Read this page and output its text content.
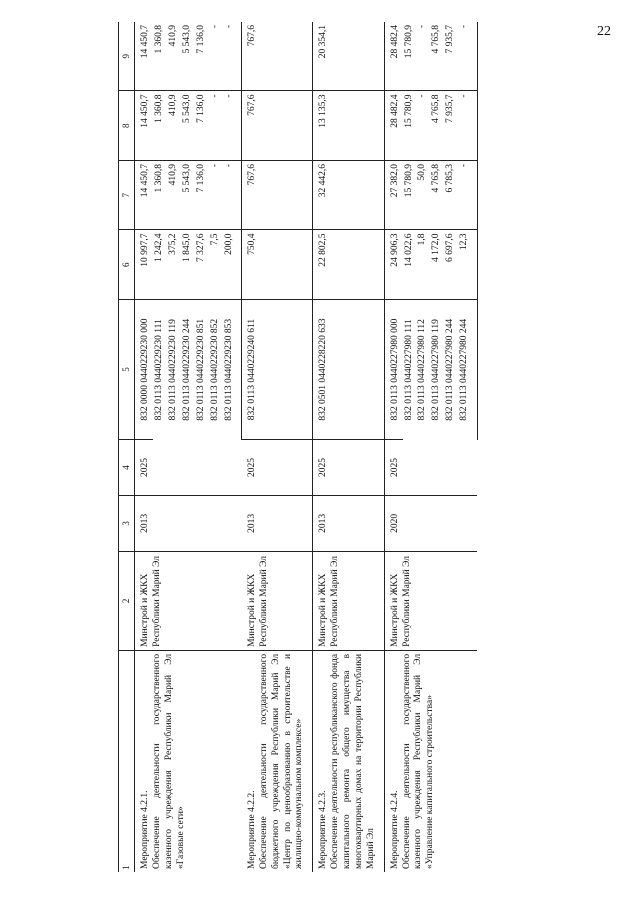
22
1	2	3	4	5	6	7	8	9

Мероприятие 4.2.1. Обеспечение деятельности государственного казенного учреждения Республики Марий Эл «Газовые сети»	Минстрой и ЖКХ Республики Марий Эл	2013	2025	832 0000 0440229230 000	10 997,7	14 450,7	14 450,7	14 450,7
				832 0113 0440229230 111	1 242,4	1 360,8	1 360,8	1 360,8
				832 0113 0440229230 119	375,2	410,9	410,9	410,9
				832 0113 0440229230 244	1 845,0	5 543,0	5 543,0	5 543,0
				832 0113 0440229230 851	7 327,6	7 136,0	7 136,0	7 136,0
				832 0113 0440229230 852	7,5	-	-	-
				832 0113 0440229230 853	200,0	-	-	-

Мероприятие 4.2.2. Обеспечение деятельности государственного бюджетного учреждения Республики Марий Эл «Центр по ценообразованию в строительстве и жилищно-коммунальном комплексе»	Минстрой и ЖКХ Республики Марий Эл	2013	2025	832 0113 0440229240 611	750,4	767,6	767,6	767,6

Мероприятие 4.2.3. Обеспечение деятельности республиканского фонда капитального ремонта общего имущества в многоквартирных домах на территории Республики Марий Эл	Минстрой и ЖКХ Республики Марий Эл	2013	2025	832 0501 0440228220 633	22 802,5	32 442,6	13 135,3	20 354,1

Мероприятие 4.2.4. Обеспечение деятельности государственного казенного учреждения Республики Марий Эл «Управление капитального строительства»	Минстрой и ЖКХ Республики Марий Эл	2020	2025	832 0113 0440227980 000	24 906,3	27 382,0	28 482,4	28 482,4
				832 0113 0440227980 111	14 022,6	15 780,9	15 780,9	15 780,9
				832 0113 0440227980 112	1,8	50,0	-	-
				832 0113 0440227980 119	4 172,0	4 765,8	4 765,8	4 765,8
				832 0113 0440227980 244	6 697,6	6 785,3	7 935,7	7 935,7
				832 0113 0440227980 244	12,3	-	-	-
